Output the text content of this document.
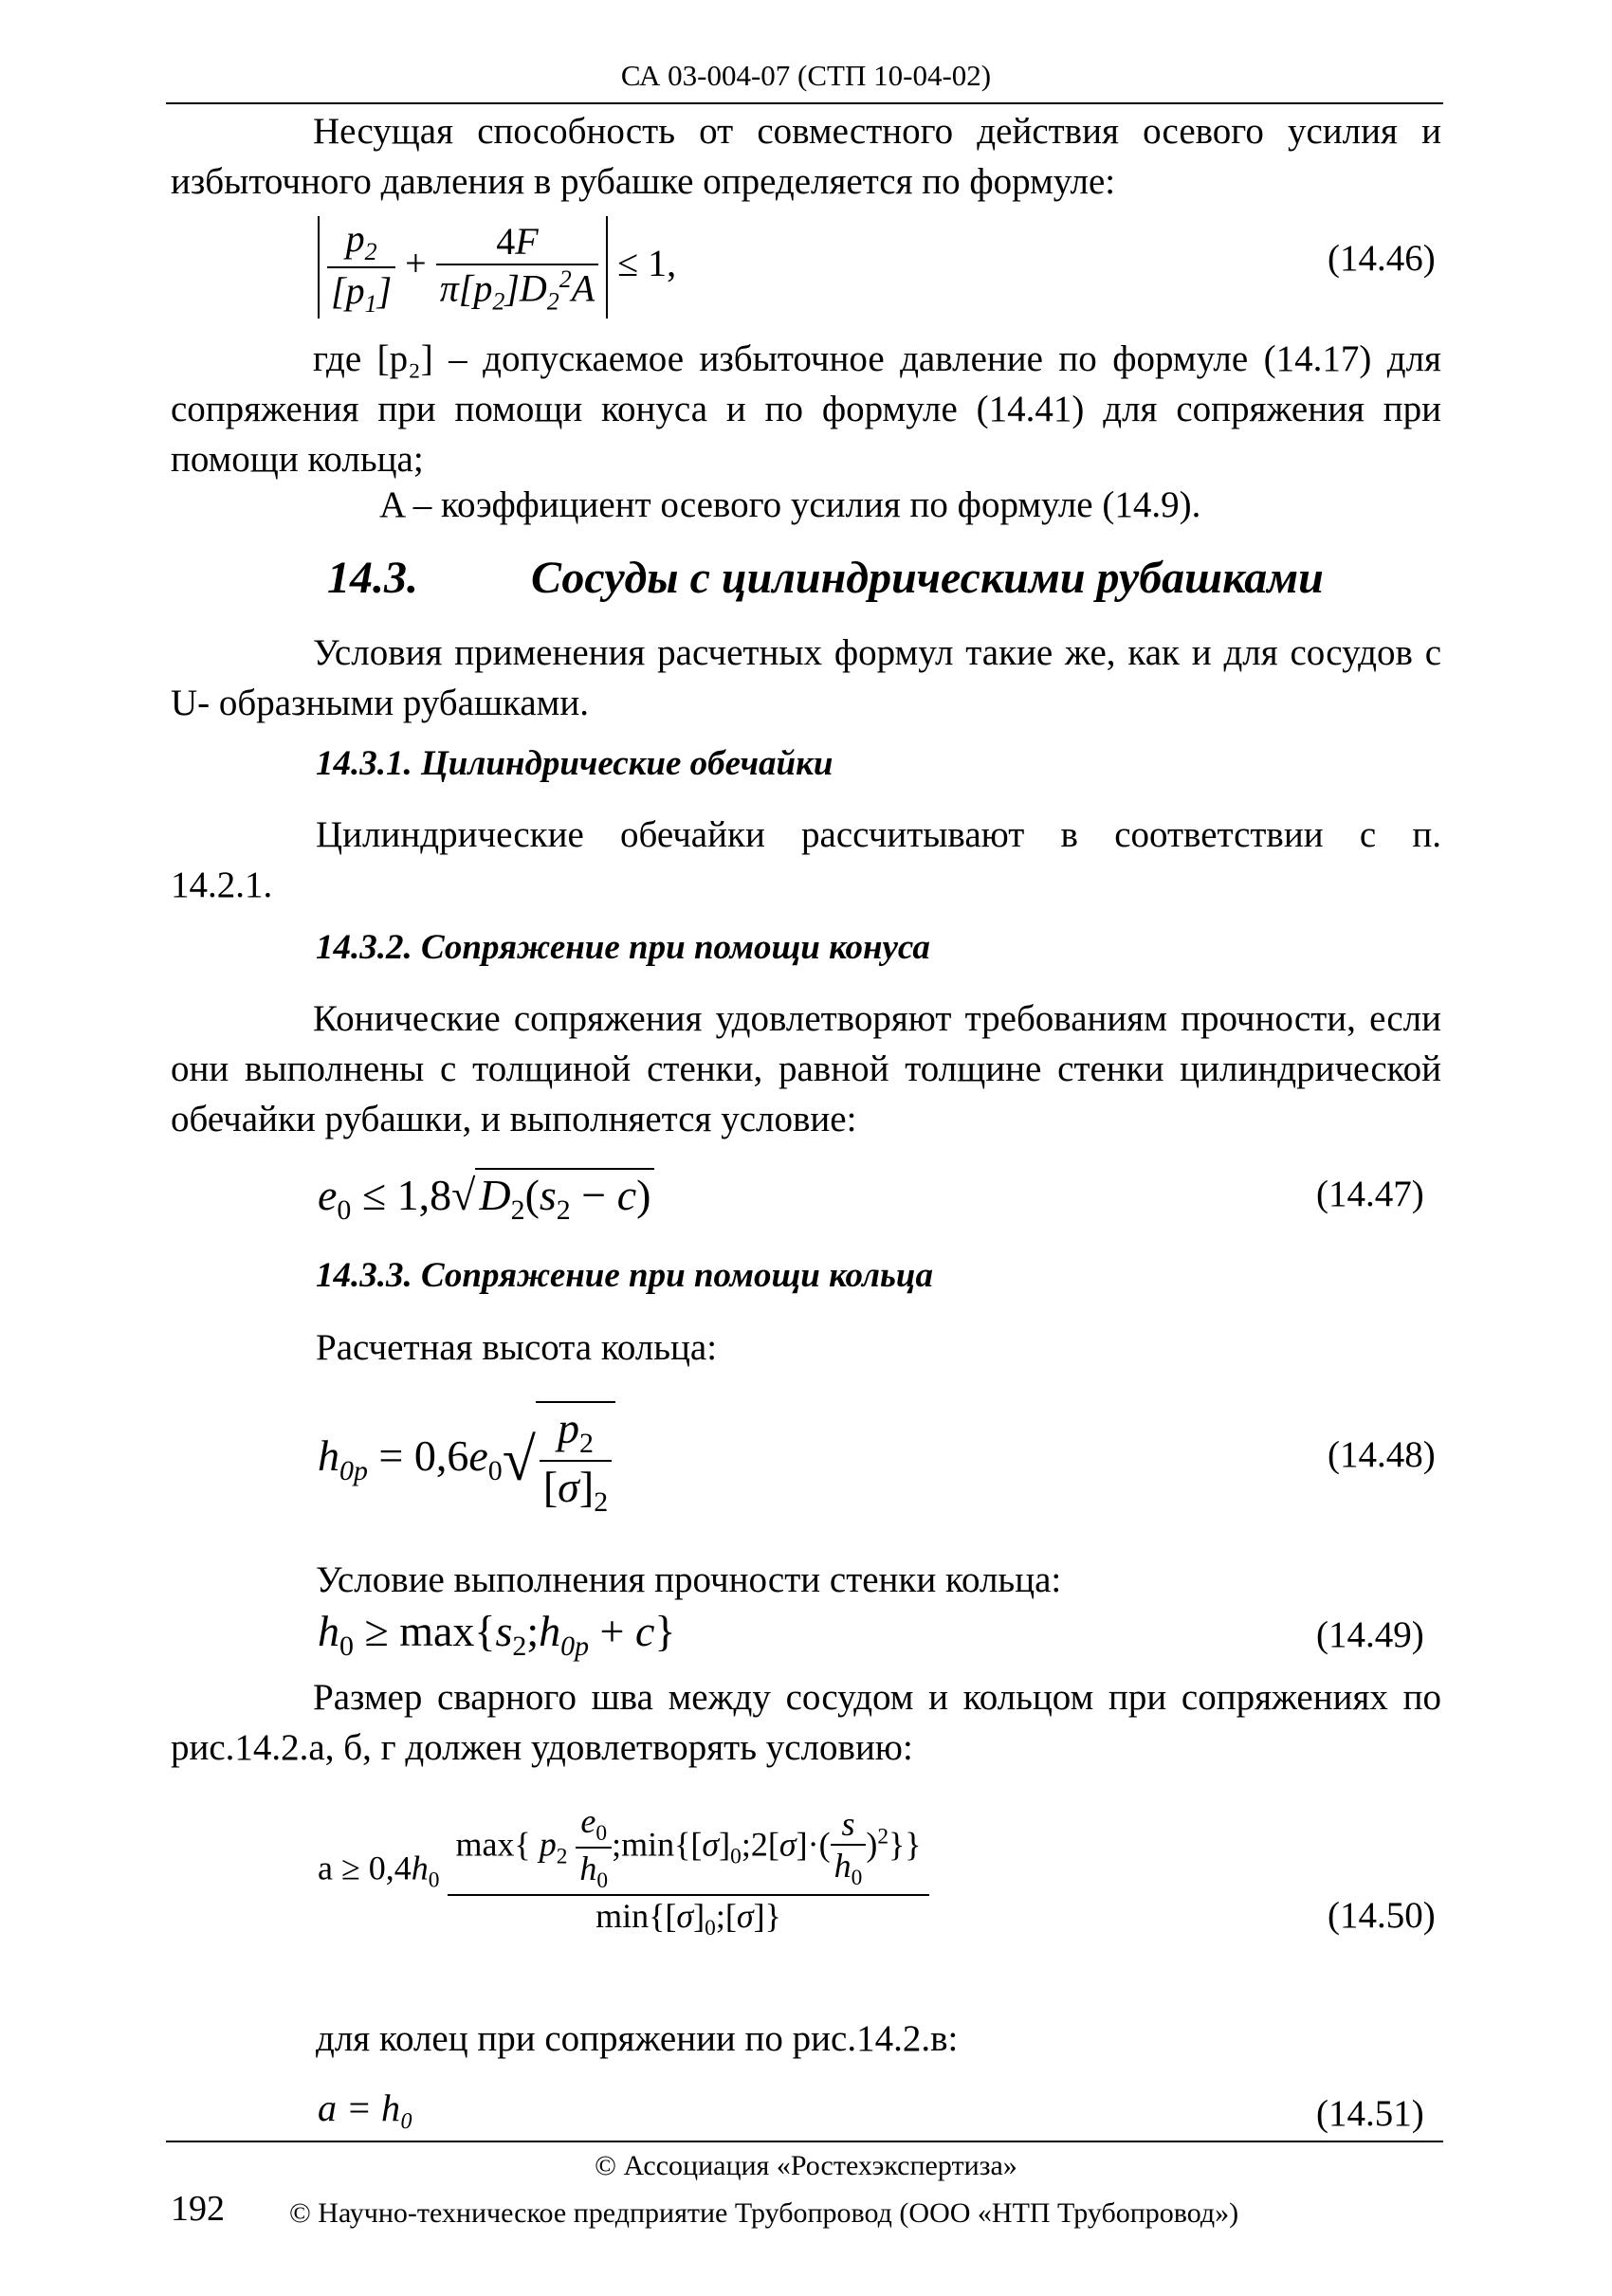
СА 03-004-07 (СТП 10-04-02)
Несущая способность от совместного действия осевого усилия и избыточного давления в рубашке определяется по формуле:
$\frac{p_2}{[p_1]} + \frac{4F}{\pi[p_2]D_2^2A} \le 1$,	(14.46)
где [p₂] – допускаемое избыточное давление по формуле (14.17) для сопряжения при помощи конуса и по формуле (14.41) для сопряжения при помощи кольца;
A – коэффициент осевого усилия по формуле (14.9).
14.3. Сосуды с цилиндрическими рубашками
Условия применения расчетных формул такие же, как и для сосудов с U- образными рубашками.
14.3.1. Цилиндрические обечайки
Цилиндрические обечайки рассчитывают в соответствии с п.
14.2.1.
14.3.2. Сопряжение при помощи конуса
Конические сопряжения удовлетворяют требованиям прочности, если они выполнены с толщиной стенки, равной толщине стенки цилиндрической обечайки рубашки, и выполняется условие:
$e_0 \le 1,8√D_2(s_2 - c)$	(14.47)
14.3.3. Сопряжение при помощи кольца
Расчетная высота кольца:
$h_{0p} = 0,6e_0√ \frac{p_2}{[\sigma]_2}$	(14.48)
Условие выполнения прочности стенки кольца:
$h_0$ ≥ $\max\{s_2;h_{0p} + c\}$	(14.49)
Размер сварного шва между сосудом и кольцом при сопряжениях по рис.14.2.а, б, г должен удовлетворять условию:
$a \ge 0,4h_0 \frac{\max\{ p_2 \frac{e_0}{h_0} ;\min\{[\sigma]_0;2[\sigma]\cdot( \frac{s}{h_0} )^2\}\}}{\min\{[\sigma]_0;[\sigma]\}}$	(14.50)
для колец при сопряжении по рис.14.2.в:
a = h₀	(14.51)
© Ассоциация «Ростехэкспертиза»
192 © Научно-техническое предприятие Трубопровод (ООО «НТП Трубопровод»)
